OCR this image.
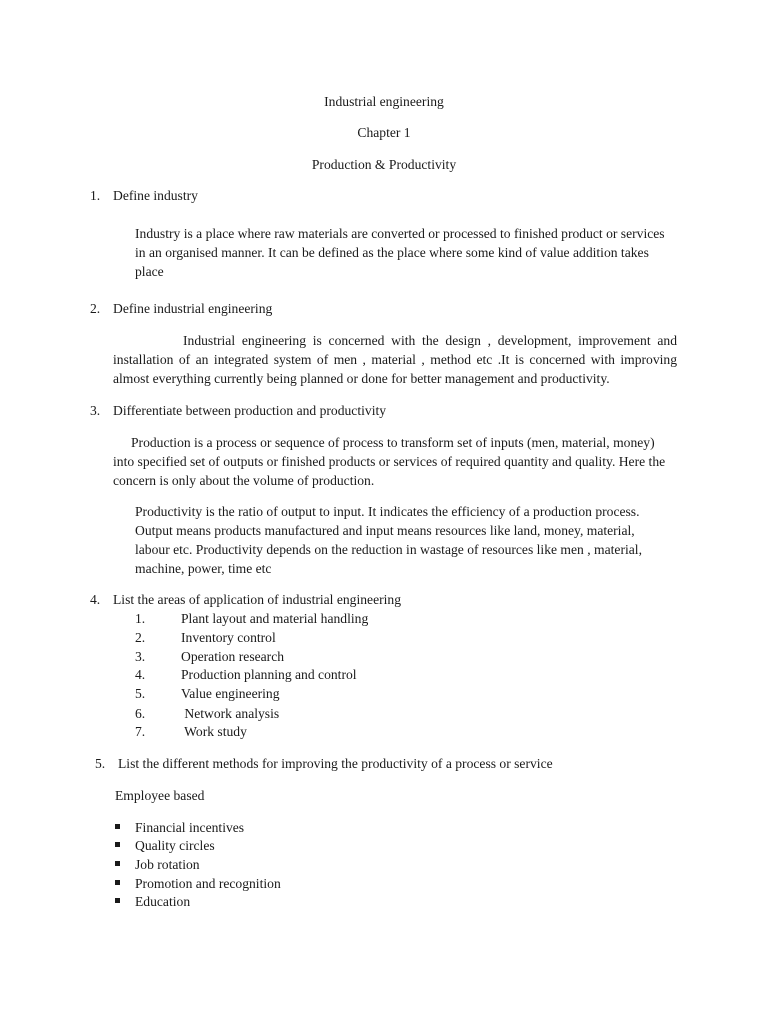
Industrial engineering
Chapter 1
Production & Productivity
1. Define industry
Industry is a place where raw materials are converted or processed to finished product or services
in an organised manner. It can be defined as the place where some kind of value addition takes
place
2. Define industrial engineering
Industrial engineering is concerned with the design , development, improvement and
installation of an integrated system of men , material , method etc .It is concerned with improving
almost everything currently being planned or done for better management and productivity.
3. Differentiate between production and productivity
Production is a process or sequence of process to transform set of inputs (men, material, money)
into specified set of outputs or finished products or services of required quantity and quality. Here the
concern is only about the volume of production.
Productivity is the ratio of output to input. It indicates the efficiency of a production process.
Output means products manufactured and input means resources like land, money, material,
labour etc. Productivity depends on the reduction in wastage of resources like men , material,
machine, power, time etc
4. List the areas of application of industrial engineering
1.	Plant layout and material handling
2.	Inventory control
3.	Operation research
4.	Production planning and control
5.	Value engineering
6.	Network analysis
7.	Work study
5. List the different methods for improving the productivity of a process or service
Employee based
Financial incentives
Quality circles
Job rotation
Promotion and recognition
Education
